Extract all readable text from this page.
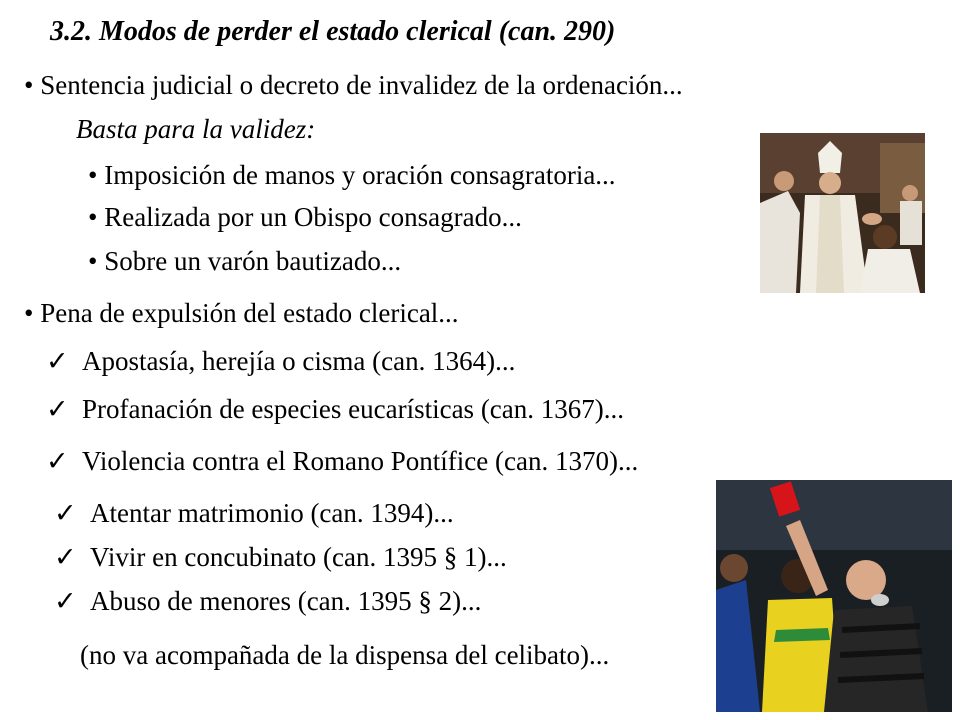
3.2. Modos de perder el estado clerical (can. 290)
• Sentencia judicial o decreto de invalidez de la ordenación...
Basta para la validez:
• Imposición de manos y oración consagratoria...
• Realizada por un Obispo consagrado...
• Sobre un varón bautizado...
• Pena de expulsión del estado clerical...
✓ Apostasía, herejía o cisma (can. 1364)...
✓ Profanación de especies eucarísticas (can. 1367)...
✓ Violencia contra el Romano Pontífice (can. 1370)...
✓ Atentar matrimonio (can. 1394)...
✓ Vivir en concubinato (can. 1395 § 1)...
✓ Abuso de menores (can. 1395 § 2)...
(no va acompañada de la dispensa del celibato)...
